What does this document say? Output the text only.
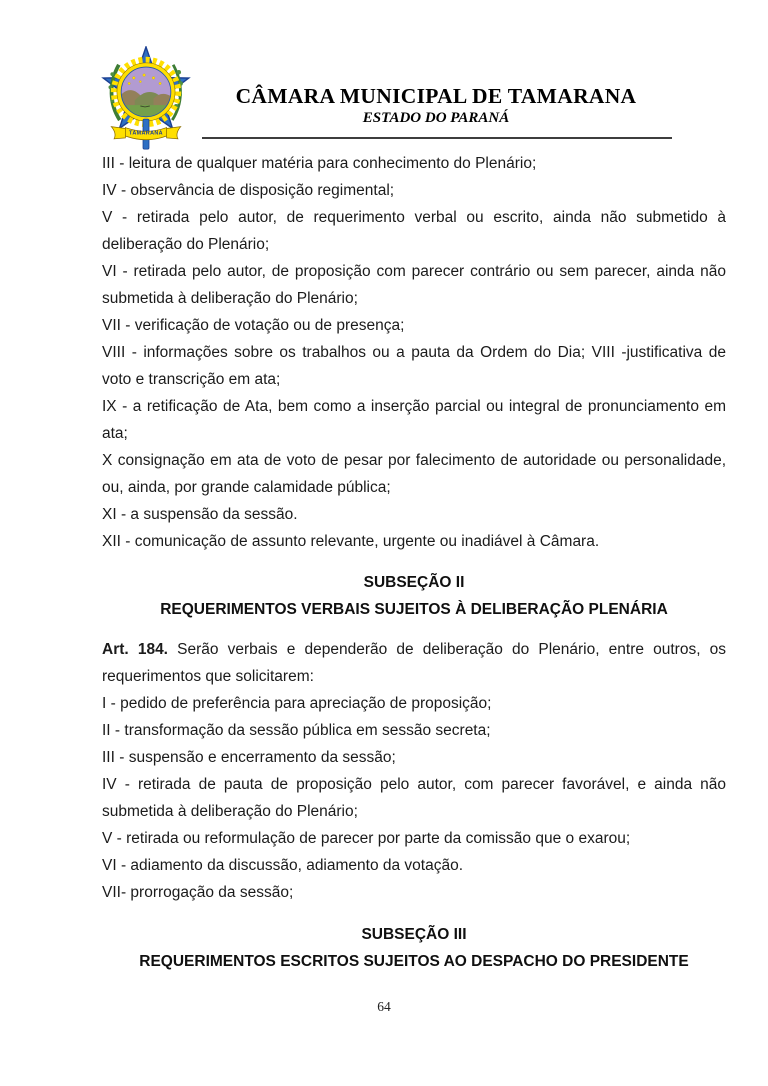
TAMARANA
CÂMARA MUNICIPAL DE TAMARANA
ESTADO DO PARANÁ

III - leitura de qualquer matéria para conhecimento do Plenário;

IV - observância de disposição regimental;

V - retirada pelo autor, de requerimento verbal ou escrito, ainda não submetido à deliberação do Plenário;

VI - retirada pelo autor, de proposição com parecer contrário ou sem parecer, ainda não submetida à deliberação do Plenário;

VII - verificação de votação ou de presença;

VIII - informações sobre os trabalhos ou a pauta da Ordem do Dia; VIII -justificativa de voto e transcrição em ata;

IX - a retificação de Ata, bem como a inserção parcial ou integral de pronunciamento em ata;

X consignação em ata de voto de pesar por falecimento de autoridade ou personalidade, ou, ainda, por grande calamidade pública;

XI - a suspensão da sessão.

XII - comunicação de assunto relevante, urgente ou inadiável à Câmara.

SUBSEÇÃO II
REQUERIMENTOS VERBAIS SUJEITOS À DELIBERAÇÃO PLENÁRIA

Art. 184. Serão verbais e dependerão de deliberação do Plenário, entre outros, os requerimentos que solicitarem:

I - pedido de preferência para apreciação de proposição;

II - transformação da sessão pública em sessão secreta;

III - suspensão e encerramento da sessão;

IV - retirada de pauta de proposição pelo autor, com parecer favorável, e ainda não submetida à deliberação do Plenário;

V - retirada ou reformulação de parecer por parte da comissão que o exarou;

VI - adiamento da discussão, adiamento da votação.

VII- prorrogação da sessão;

SUBSEÇÃO III
REQUERIMENTOS ESCRITOS SUJEITOS AO DESPACHO DO PRESIDENTE
64
